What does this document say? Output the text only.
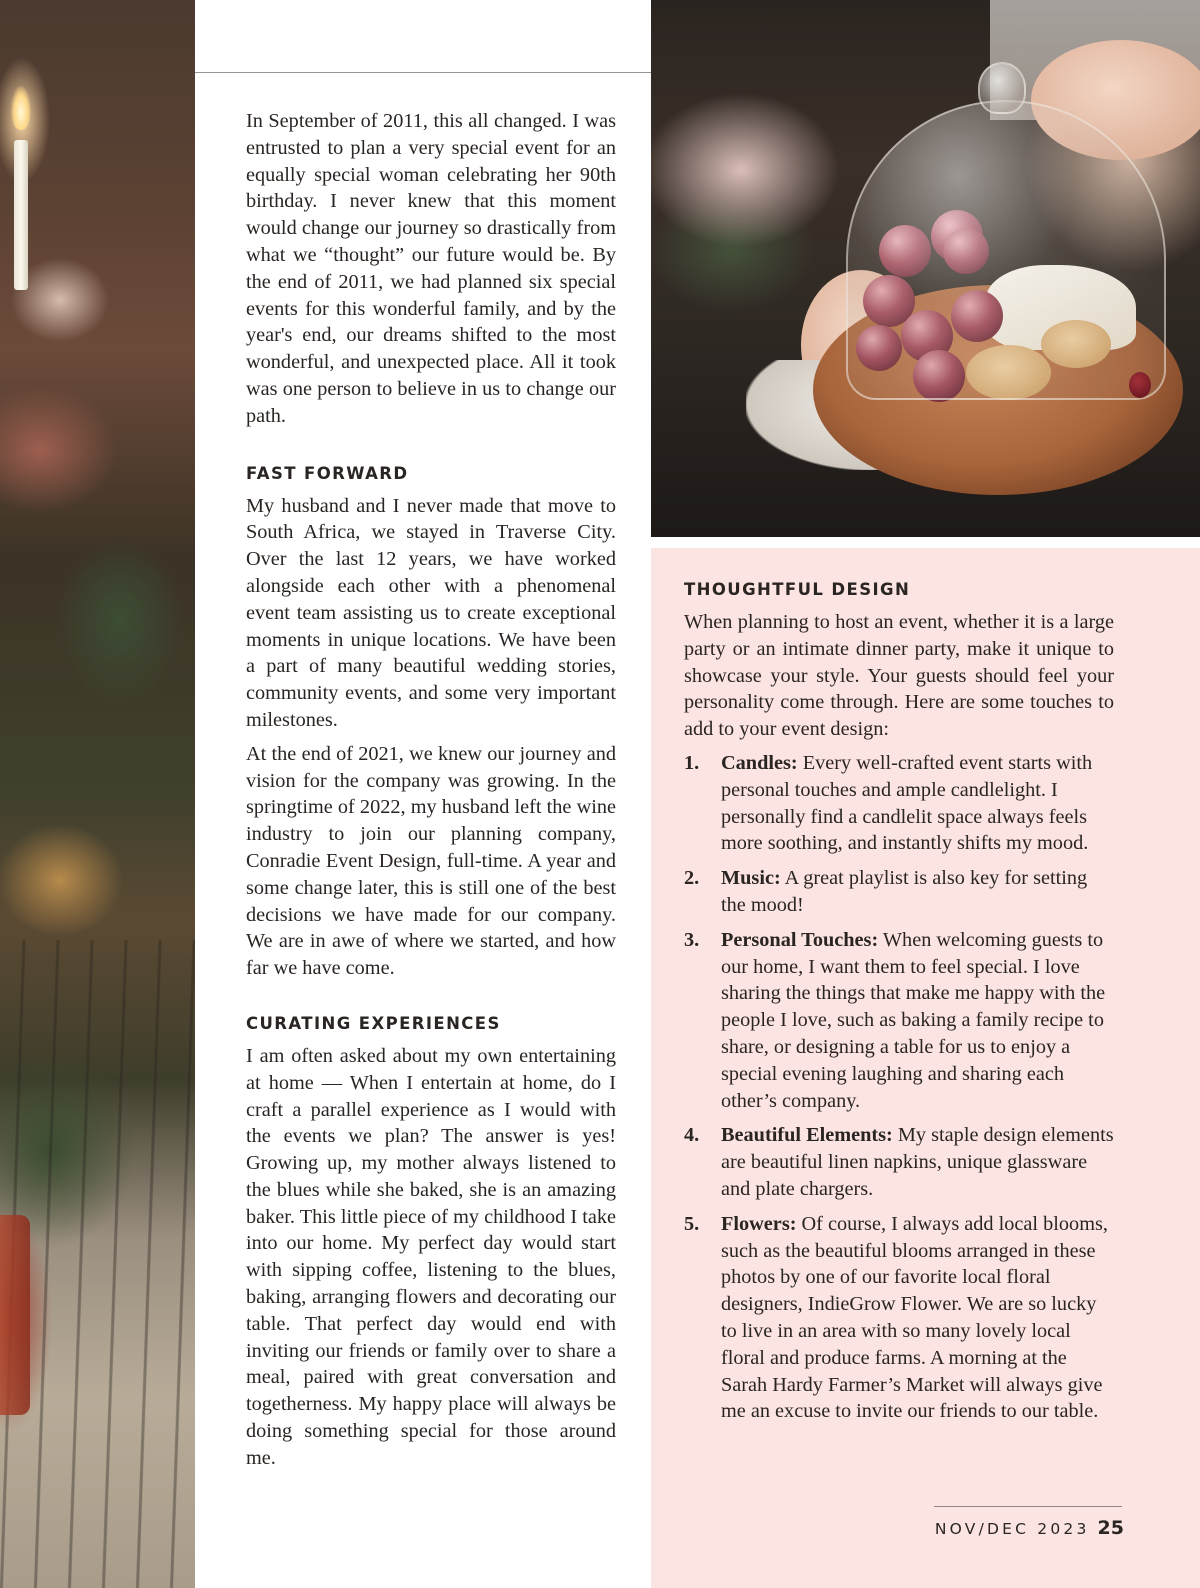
In September of 2011, this all changed. I was entrusted to plan a very special event for an equally special woman celebrating her 90th birthday. I never knew that this moment would change our journey so drastically from what we “thought” our future would be. By the end of 2011, we had planned six special events for this wonderful family, and by the year's end, our dreams shifted to the most wonderful, and unexpected place. All it took was one person to believe in us to change our path.

FAST FORWARD

My husband and I never made that move to South Africa, we stayed in Traverse City. Over the last 12 years, we have worked alongside each other with a phenomenal event team assisting us to create exceptional moments in unique locations. We have been a part of many beautiful wedding stories, community events, and some very important milestones.

At the end of 2021, we knew our journey and vision for the company was growing. In the springtime of 2022, my husband left the wine industry to join our planning company, Conradie Event Design, full-time. A year and some change later, this is still one of the best decisions we have made for our company. We are in awe of where we started, and how far we have come.

CURATING EXPERIENCES

I am often asked about my own entertaining at home — When I entertain at home, do I craft a parallel experience as I would with the events we plan? The answer is yes! Growing up, my mother always listened to the blues while she baked, she is an amazing baker. This little piece of my childhood I take into our home. My perfect day would start with sipping coffee, listening to the blues, baking, arranging flowers and decorating our table. That perfect day would end with inviting our friends or family over to share a meal, paired with great conversation and togetherness. My happy place will always be doing something special for those around me.

THOUGHTFUL DESIGN

When planning to host an event, whether it is a large party or an intimate dinner party, make it unique to showcase your style. Your guests should feel your personality come through. Here are some touches to add to your event design:

1. Candles: Every well-crafted event starts with personal touches and ample candlelight. I personally find a candlelit space always feels more soothing, and instantly shifts my mood.
2. Music: A great playlist is also key for setting the mood!
3. Personal Touches: When welcoming guests to our home, I want them to feel special. I love sharing the things that make me happy with the people I love, such as baking a family recipe to share, or designing a table for us to enjoy a special evening laughing and sharing each other’s company.
4. Beautiful Elements: My staple design elements are beautiful linen napkins, unique glassware and plate chargers.
5. Flowers: Of course, I always add local blooms, such as the beautiful blooms arranged in these photos by one of our favorite local floral designers, IndieGrow Flower. We are so lucky to live in an area with so many lovely local floral and produce farms. A morning at the Sarah Hardy Farmer’s Market will always give me an excuse to invite our friends to our table.
NOV/DEC 2023 25
